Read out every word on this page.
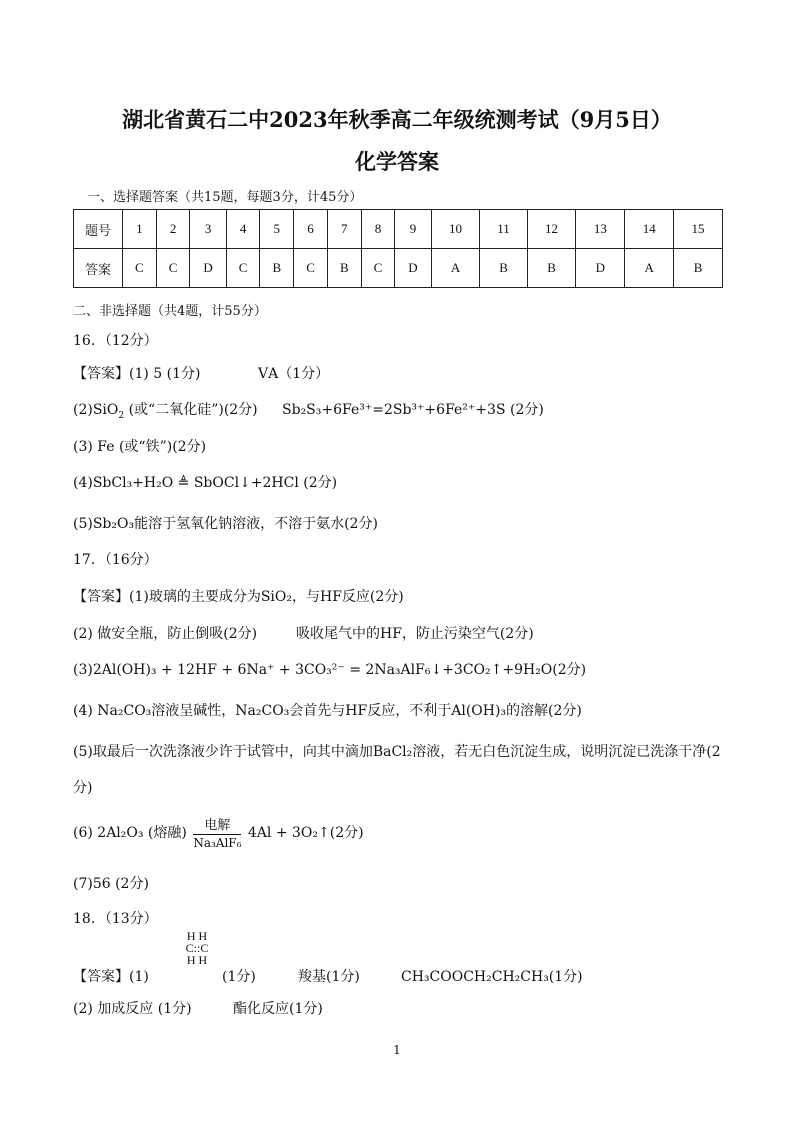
湖北省黄石二中2023年秋季高二年级统测考试（9月5日）
化学答案
一、选择题答案（共15题，每题3分，计45分）
题号	1	2	3	4	5	6	7	8	9	10	11	12	13	14	15
答案	C	C	D	C	B	C	B	C	D	A	B	B	D	A	B
二、非选择题（共4题，计55分）
16．（12分）
【答案】(1) 5 (1分)	ⅤA（1分）
(2)SiO$_2$ (或“二氧化硅”)(2分) Sb₂S₃+6Fe³⁺=2Sb³⁺+6Fe²⁺+3S (2分)
(3) Fe (或“铁”)(2分)
(4)SbCl₃+H₂O ≜ SbOCl↓+2HCl (2分)
(5)Sb₂O₃能溶于氢氧化钠溶液，不溶于氨水(2分)
17．（16分）
【答案】(1)玻璃的主要成分为SiO₂，与HF反应(2分)
(2) 做安全瓶，防止倒吸(2分)	吸收尾气中的HF，防止污染空气(2分)
(3)2Al(OH)₃ + 12HF + 6Na⁺ + 3CO₃²⁻ = 2Na₃AlF₆↓+3CO₂↑+9H₂O(2分)
(4) Na₂CO₃溶液呈碱性，Na₂CO₃会首先与HF反应，不利于Al(OH)₃的溶解(2分)
(5)取最后一次洗涤液少许于试管中，向其中滴加BaCl₂溶液，若无白色沉淀生成，说明沉淀已洗涤干净(2
分)
(6) 2Al₂O₃ (熔融) $\frac{\text{电解}}{\text{Na₃AlF₆}} 4Al$ + 3O₂↑(2分)
(7)56 (2分)
18．（13分）
H H
C::C
H H
【答案】(1)	(1分)	羧基(1分)	CH₃COOCH₂CH₂CH₃(1分)
(2) 加成反应 (1分)	酯化反应(1分)
1
